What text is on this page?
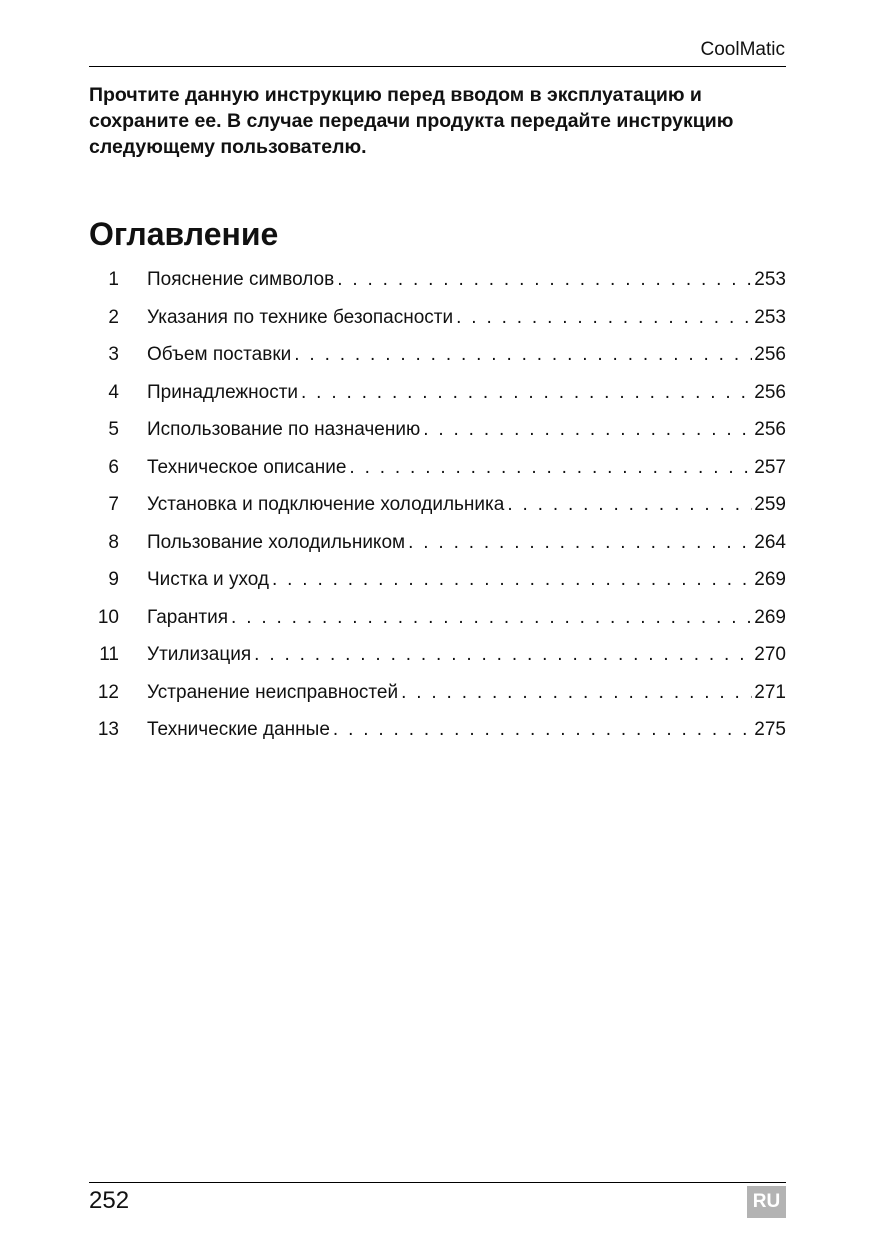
CoolMatic
Прочтите данную инструкцию перед вводом в эксплуатацию и
сохраните ее. В случае передачи продукта передайте инструкцию
следующему пользователю.
Оглавление
1 Пояснение символов . . .	253
2 Указания по технике безопасности . . .	253
3 Объем поставки . . .	256
4 Принадлежности . . .	256
5 Использование по назначению . . .	256
6 Техническое описание . . .	257
7 Установка и подключение холодильника . . .	259
8 Пользование холодильником . . .	264
9 Чистка и уход . . .	269
10 Гарантия . . .	269
11 Утилизация . . .	270
12 Устранение неисправностей . . .	271
13 Технические данные . . .	275
252	RU
